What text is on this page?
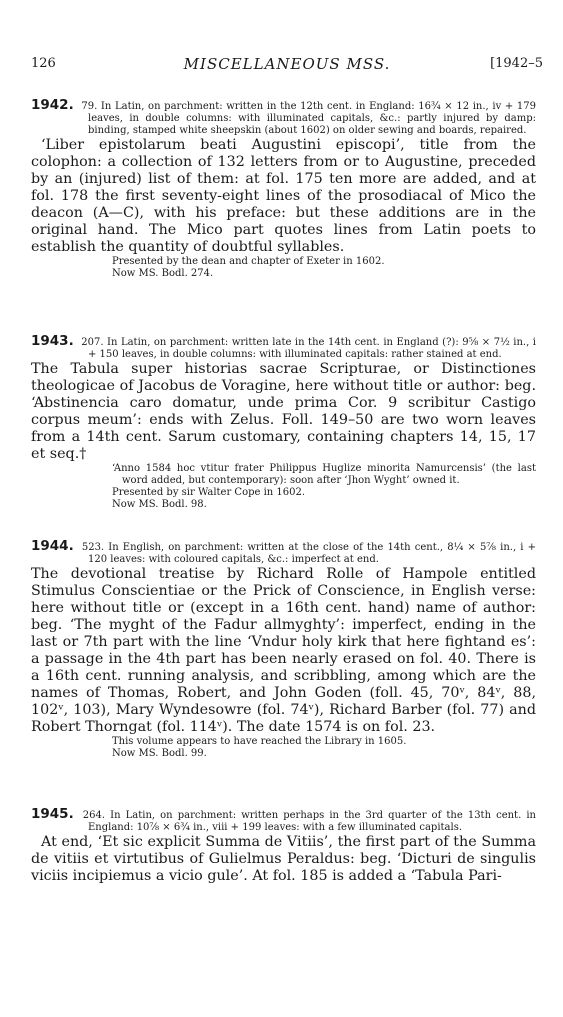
126	MISCELLANEOUS MSS.	[1942–5

1942. 79. In Latin, on parchment: written in the 12th cent. in England: 16¾ × 12 in., iv + 179 leaves, in double columns: with illuminated capitals, &c.: partly injured by damp: binding, stamped white sheepskin (about 1602) on older sewing and boards, repaired.

‘Liber epistolarum beati Augustini episcopi’, title from the colophon: a collection of 132 letters from or to Augustine, preceded by an (injured) list of them: at fol. 175 ten more are added, and at fol. 178 the first seventy-eight lines of the prosodiacal of Mico the deacon (A—C), with his preface: but these additions are in the original hand. The Mico part quotes lines from Latin poets to establish the quantity of doubtful syllables.

Presented by the dean and chapter of Exeter in 1602.

Now MS. Bodl. 274.

1943. 207. In Latin, on parchment: written late in the 14th cent. in England (?): 9⅝ × 7½ in., i + 150 leaves, in double columns: with illuminated capitals: rather stained at end.

The Tabula super historias sacrae Scripturae, or Distinctiones theologicae of Jacobus de Voragine, here without title or author: beg. ‘Abstinencia caro domatur, unde prima Cor. 9 scribitur Castigo corpus meum’: ends with Zelus. Foll. 149–50 are two worn leaves from a 14th cent. Sarum customary, containing chapters 14, 15, 17 et seq.†

‘Anno 1584 hoc vtitur frater Philippus Huglize minorita Namurcensis’ (the last word added, but contemporary): soon after ‘Jhon Wyght’ owned it.

Presented by sir Walter Cope in 1602.

Now MS. Bodl. 98.

1944. 523. In English, on parchment: written at the close of the 14th cent., 8¼ × 5⅞ in., i + 120 leaves: with coloured capitals, &c.: imperfect at end.

The devotional treatise by Richard Rolle of Hampole entitled Stimulus Conscientiae or the Prick of Conscience, in English verse: here without title or (except in a 16th cent. hand) name of author: beg. ‘The myght of the Fadur allmyghty’: imperfect, ending in the last or 7th part with the line ‘Vndur holy kirk that here fightand es’: a passage in the 4th part has been nearly erased on fol. 40. There is a 16th cent. running analysis, and scribbling, among which are the names of Thomas, Robert, and John Goden (foll. 45, 70ᵛ, 84ᵛ, 88, 102ᵛ, 103), Mary Wyndesowre (fol. 74ᵛ), Richard Barber (fol. 77) and Robert Thorngat (fol. 114ᵛ). The date 1574 is on fol. 23.

This volume appears to have reached the Library in 1605.

Now MS. Bodl. 99.

1945. 264. In Latin, on parchment: written perhaps in the 3rd quarter of the 13th cent. in England: 10⅞ × 6¾ in., viii + 199 leaves: with a few illuminated capitals.

At end, ‘Et sic explicit Summa de Vitiis’, the first part of the Summa de vitiis et virtutibus of Gulielmus Peraldus: beg. ‘Dicturi de singulis viciis incipiemus a vicio gule’. At fol. 185 is added a ‘Tabula Pari-
